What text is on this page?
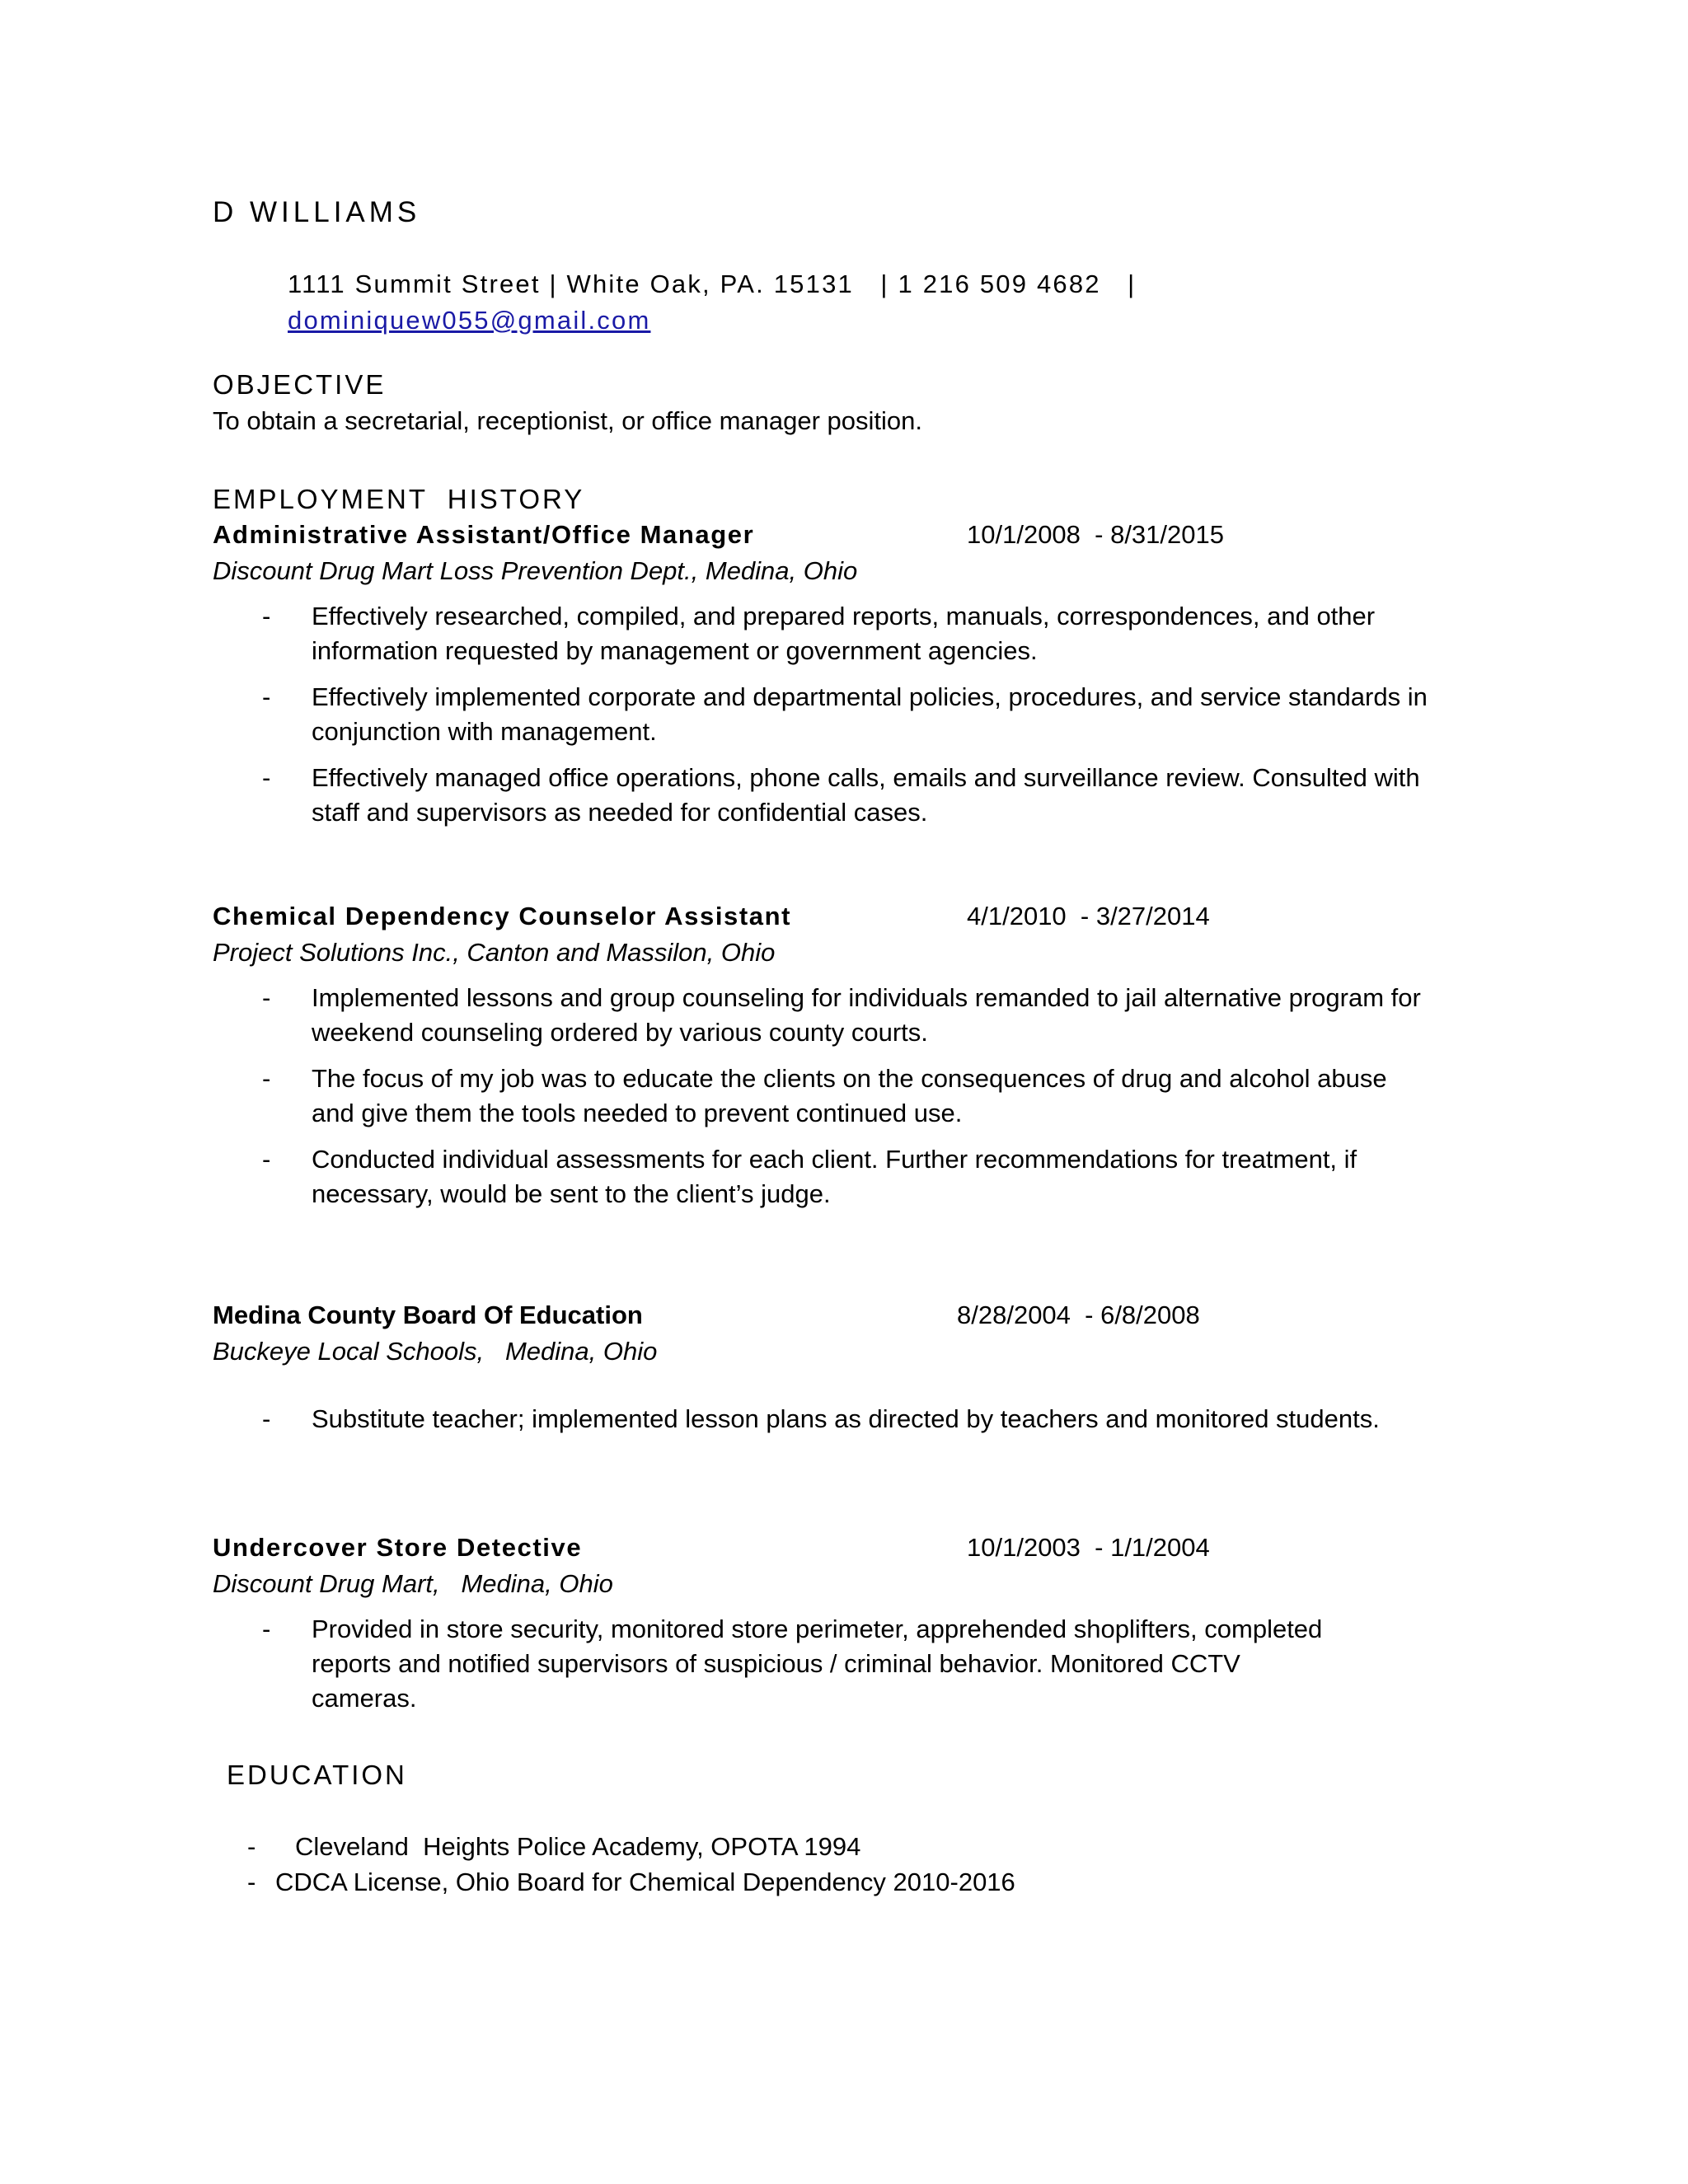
D WILLIAMS
1111 Summit Street | White Oak, PA. 15131   | 1 216 509 4682   |
dominiquew055@gmail.com
OBJECTIVE
To obtain a secretarial, receptionist, or office manager position.
EMPLOYMENT  HISTORY
Administrative Assistant/Office Manager	10/1/2008  - 8/31/2015
Discount Drug Mart Loss Prevention Dept., Medina, Ohio
- Effectively researched, compiled, and prepared reports, manuals, correspondences, and other information requested by management or government agencies.
- Effectively implemented corporate and departmental policies, procedures, and service standards in conjunction with management.
- Effectively managed office operations, phone calls, emails and surveillance review. Consulted with staff and supervisors as needed for confidential cases.
Chemical Dependency Counselor Assistant	4/1/2010  - 3/27/2014
Project Solutions Inc., Canton and Massilon, Ohio
- Implemented lessons and group counseling for individuals remanded to jail alternative program for weekend counseling ordered by various county courts.
- The focus of my job was to educate the clients on the consequences of drug and alcohol abuse and give them the tools needed to prevent continued use.
- Conducted individual assessments for each client. Further recommendations for treatment, if necessary, would be sent to the client’s judge.
Medina County Board Of Education	8/28/2004  - 6/8/2008
Buckeye Local Schools,   Medina, Ohio
- Substitute teacher; implemented lesson plans as directed by teachers and monitored students.
Undercover Store Detective	10/1/2003  - 1/1/2004
Discount Drug Mart,   Medina, Ohio
- Provided in store security, monitored store perimeter, apprehended shoplifters, completed reports and notified supervisors of suspicious / criminal behavior. Monitored CCTV cameras.
EDUCATION
- Cleveland  Heights Police Academy, OPOTA 1994
- CDCA License, Ohio Board for Chemical Dependency 2010-2016
